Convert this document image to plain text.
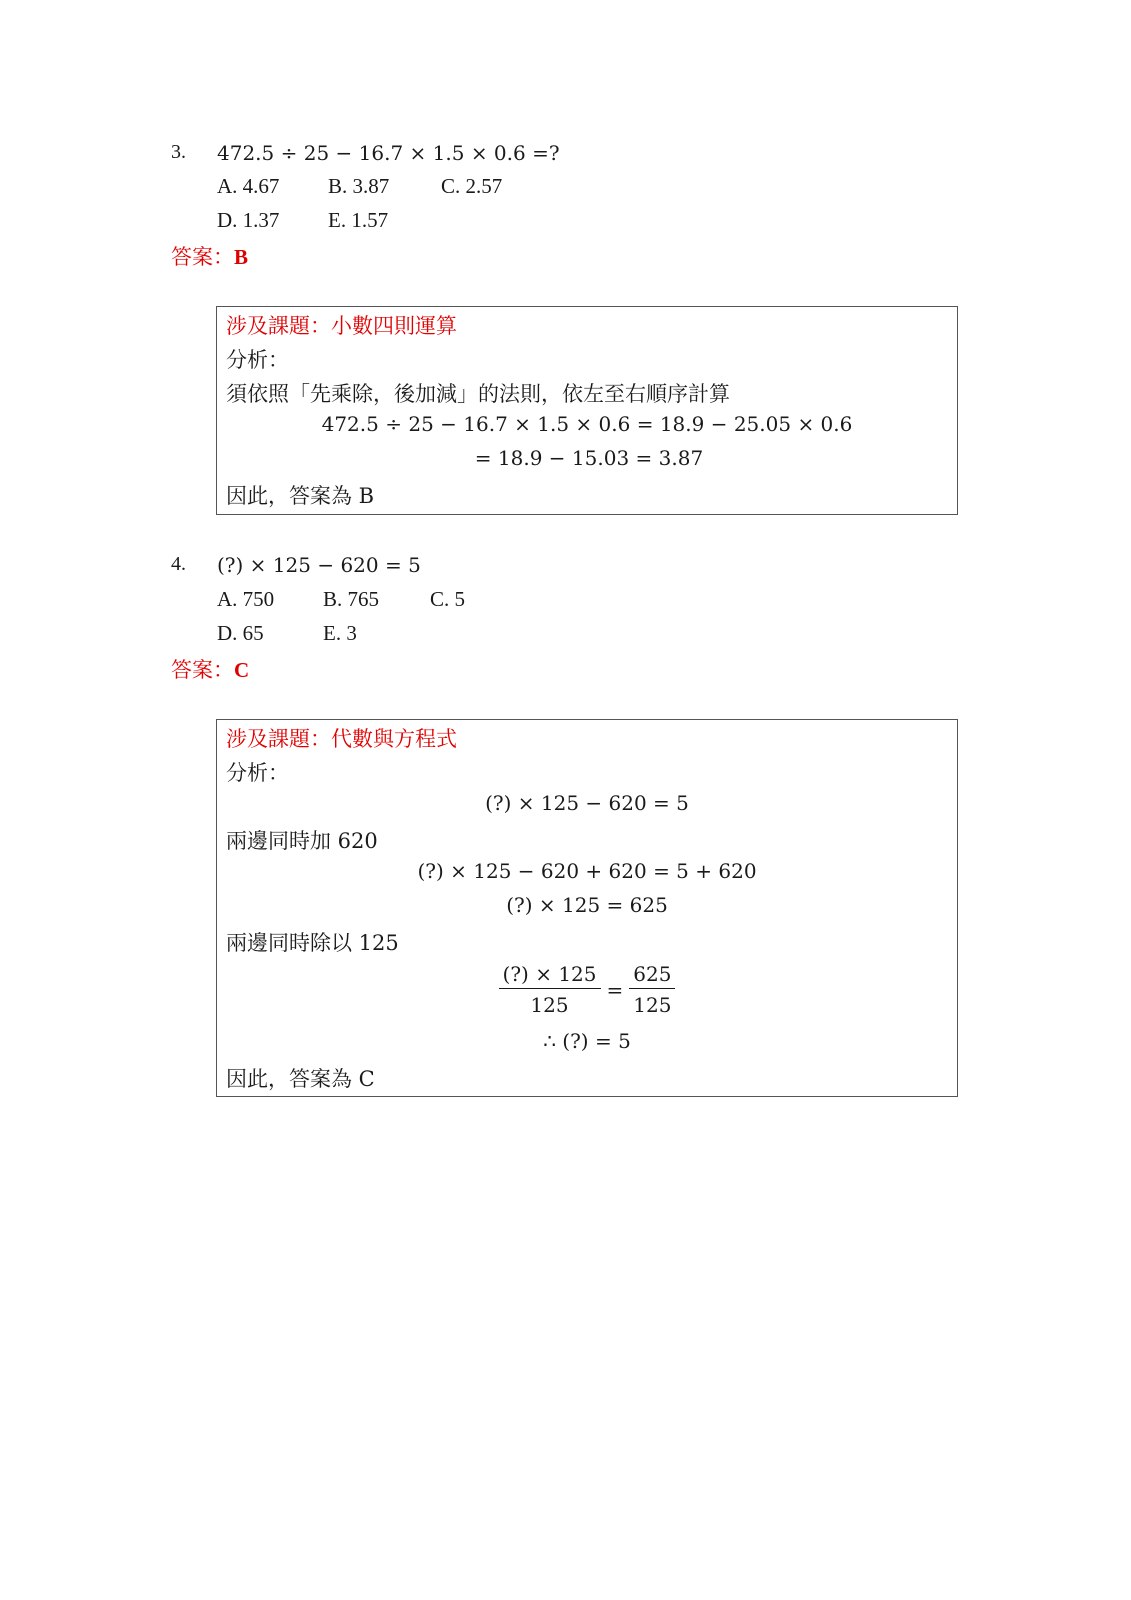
3. 472.5 ÷ 25 − 16.7 × 1.5 × 0.6 =?
A. 4.67 B. 3.87 C. 2.57
D. 1.37 E. 1.57
答案：B
涉及課題：小數四則運算
分析：
須依照「先乘除，後加減」的法則，依左至右順序計算
472.5 ÷ 25 − 16.7 × 1.5 × 0.6 = 18.9 − 25.05 × 0.6
= 18.9 − 15.03 = 3.87
因此，答案為 B
4. (?) × 125 − 620 = 5
A. 750 B. 765 C. 5
D. 65	E. 3
答案：C
涉及課題：代數與方程式
分析：
(?) × 125 − 620 = 5
兩邊同時加 620
(?) × 125 − 620 + 620 = 5 + 620
(?) × 125 = 625
兩邊同時除以 125
$\frac{(?) \times 125}{125} = \frac{625}{125}$
∴ (?) = 5
因此，答案為 C
